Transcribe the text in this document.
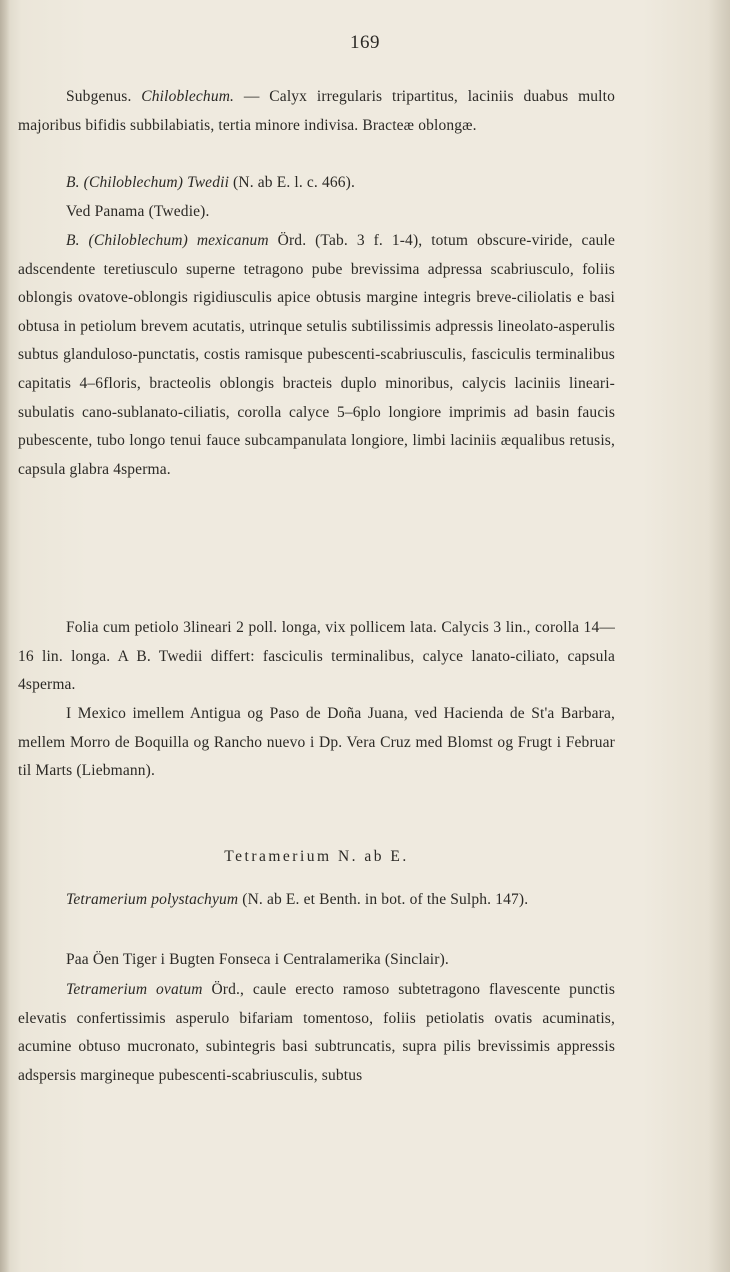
169

Subgenus. Chiloblechum. — Calyx irregularis tripartitus, laciniis duabus multo majoribus bifidis subbilabiatis, tertia minore indivisa. Bracteæ oblongæ.

B. (Chiloblechum) Twedii (N. ab E. l. c. 466).

Ved Panama (Twedie).

B. (Chiloblechum) mexicanum Örd. (Tab. 3 f. 1-4), totum obscure-viride, caule adscendente teretiusculo superne tetragono pube brevissima adpressa scabriusculo, foliis oblongis ovatove-oblongis rigidiusculis apice obtusis margine integris breve-ciliolatis e basi obtusa in petiolum brevem acutatis, utrinque setulis subtilissimis adpressis lineolato-asperulis subtus glanduloso-punctatis, costis ramisque pubescenti-scabriusculis, fasciculis terminalibus capitatis 4–6floris, bracteolis oblongis bracteis duplo minoribus, calycis laciniis lineari-subulatis cano-sublanato-ciliatis, corolla calyce 5–6plo longiore imprimis ad basin faucis pubescente, tubo longo tenui fauce subcampanulata longiore, limbi laciniis æqualibus retusis, capsula glabra 4sperma.

Folia cum petiolo 3lineari 2 poll. longa, vix pollicem lata. Calycis 3 lin., corolla 14—16 lin. longa. A B. Twedii differt: fasciculis terminalibus, calyce lanato-ciliato, capsula 4sperma.

I Mexico imellem Antigua og Paso de Doña Juana, ved Hacienda de St'a Barbara, mellem Morro de Boquilla og Rancho nuevo i Dp. Vera Cruz med Blomst og Frugt i Februar til Marts (Liebmann).

Tetramerium N. ab E.

Tetramerium polystachyum (N. ab E. et Benth. in bot. of the Sulph. 147).

Paa Öen Tiger i Bugten Fonseca i Centralamerika (Sinclair).

Tetramerium ovatum Örd., caule erecto ramoso subtetragono flavescente punctis elevatis confertissimis asperulo bifariam tomentoso, foliis petiolatis ovatis acuminatis, acumine obtuso mucronato, subintegris basi subtruncatis, supra pilis brevissimis appressis adspersis margineque pubescenti-scabriusculis, subtus
